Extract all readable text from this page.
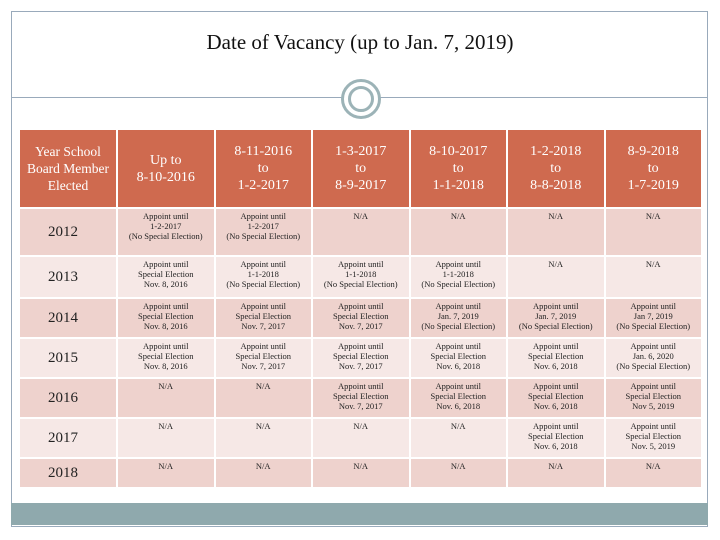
Date of Vacancy (up to Jan. 7, 2019)
Year School Board Member Elected	Up to
8-10-2016	8-11-2016
to
1-2-2017	1-3-2017
to
8-9-2017	8-10-2017
to
1-1-2018	1-2-2018
to
8-8-2018	8-9-2018
to
1-7-2019
2012	Appoint until
1-2-2017
(No Special Election)	Appoint until
1-2-2017
(No Special Election)	N/A	N/A	N/A	N/A

2013	Appoint until
Special Election
Nov. 8, 2016	Appoint until
1-1-2018
(No Special Election)	Appoint until
1-1-2018
(No Special Election)	Appoint until
1-1-2018
(No Special Election)	N/A	N/A

2014	Appoint until
Special Election
Nov. 8, 2016	Appoint until
Special Election
Nov. 7, 2017	Appoint until
Special Election
Nov. 7, 2017	Appoint until
Jan. 7, 2019
(No Special Election)	Appoint until
Jan. 7, 2019
(No Special Election)	Appoint until
Jan 7, 2019
(No Special Election)

2015	Appoint until
Special Election
Nov. 8, 2016	Appoint until
Special Election
Nov. 7, 2017	Appoint until
Special Election
Nov. 7, 2017	Appoint until
Special Election
Nov. 6, 2018	Appoint until
Special Election
Nov. 6, 2018	Appoint until
Jan. 6, 2020
(No Special Election)

2016	N/A	N/A	Appoint until
Special Election
Nov. 7, 2017	Appoint until
Special Election
Nov. 6, 2018	Appoint until
Special Election
Nov. 6, 2018	Appoint until
Special Election
Nov 5, 2019

2017	N/A	N/A	N/A	N/A	Appoint until
Special Election
Nov. 6, 2018	Appoint until
Special Election
Nov. 5, 2019

2018	N/A	N/A	N/A	N/A	N/A	N/A
